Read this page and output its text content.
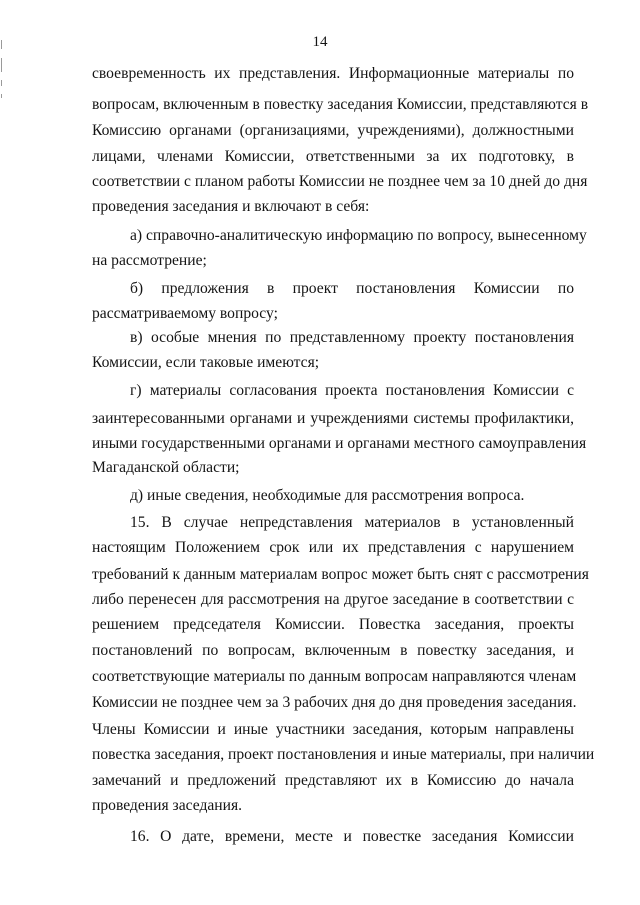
14
своевременность их представления. Информационные материалы по
вопросам, включенным в повестку заседания Комиссии, представляются в
Комиссию органами (организациями, учреждениями), должностными
лицами, членами Комиссии, ответственными за их подготовку, в
соответствии с планом работы Комиссии не позднее чем за 10 дней до дня
проведения заседания и включают в себя:
а) справочно-аналитическую информацию по вопросу, вынесенному
на рассмотрение;
б) предложения в проект постановления Комиссии по
рассматриваемому вопросу;
в) особые мнения по представленному проекту постановления
Комиссии, если таковые имеются;
г) материалы согласования проекта постановления Комиссии с
заинтересованными органами и учреждениями системы профилактики,
иными государственными органами и органами местного самоуправления
Магаданской области;
д) иные сведения, необходимые для рассмотрения вопроса.
15. В случае непредставления материалов в установленный
настоящим Положением срок или их представления с нарушением
требований к данным материалам вопрос может быть снят с рассмотрения
либо перенесен для рассмотрения на другое заседание в соответствии с
решением председателя Комиссии. Повестка заседания, проекты
постановлений по вопросам, включенным в повестку заседания, и
соответствующие материалы по данным вопросам направляются членам
Комиссии не позднее чем за 3 рабочих дня до дня проведения заседания.
Члены Комиссии и иные участники заседания, которым направлены
повестка заседания, проект постановления и иные материалы, при наличии
замечаний и предложений представляют их в Комиссию до начала
проведения заседания.
16. О дате, времени, месте и повестке заседания Комиссии
